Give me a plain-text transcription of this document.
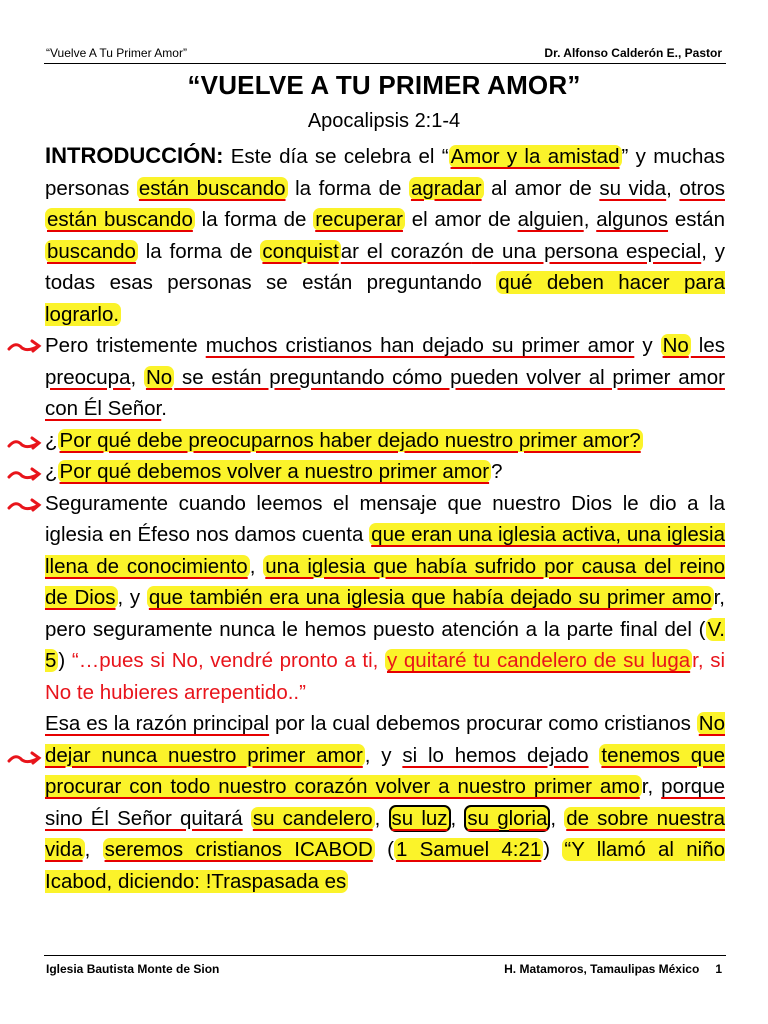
“Vuelve A Tu Primer Amor”	Dr. Alfonso Calderón E., Pastor
“VUELVE A TU PRIMER AMOR”
Apocalipsis 2:1-4

INTRODUCCIÓN: Este día se celebra el “Amor y la amistad” y muchas personas están buscando la forma de agradar al amor de su vida, otros están buscando la forma de recuperar el amor de alguien, algunos están buscando la forma de conquistar el corazón de una persona especial, y todas esas personas se están preguntando qué deben hacer para lograrlo.

Pero tristemente muchos cristianos han dejado su primer amor y No les preocupa, No se están preguntando cómo pueden volver al primer amor con Él Señor.

¿Por qué debe preocuparnos haber dejado nuestro primer amor?

¿Por qué debemos volver a nuestro primer amor?

Seguramente cuando leemos el mensaje que nuestro Dios le dio a la iglesia en Éfeso nos damos cuenta que eran una iglesia activa, una iglesia llena de conocimiento, una iglesia que había sufrido por causa del reino de Dios, y que también era una iglesia que había dejado su primer amor, pero seguramente nunca le hemos puesto atención a la parte final del (V. 5) “…pues si No, vendré pronto a ti, y quitaré tu candelero de su lugar, si No te hubieres arrepentido..”

Esa es la razón principal por la cual debemos procurar como cristianos No dejar nunca nuestro primer amor, y si lo hemos dejado tenemos que procurar con todo nuestro corazón volver a nuestro primer amor, porque sino Él Señor quitará su candelero, su luz , su gloria , de sobre nuestra vida, seremos cristianos ICABOD (1 Samuel 4:21) “Y llamó al niño Icabod, diciendo: !Traspasada es

Iglesia Bautista Monte de Sion	H. Matamoros, Tamaulipas México 1
